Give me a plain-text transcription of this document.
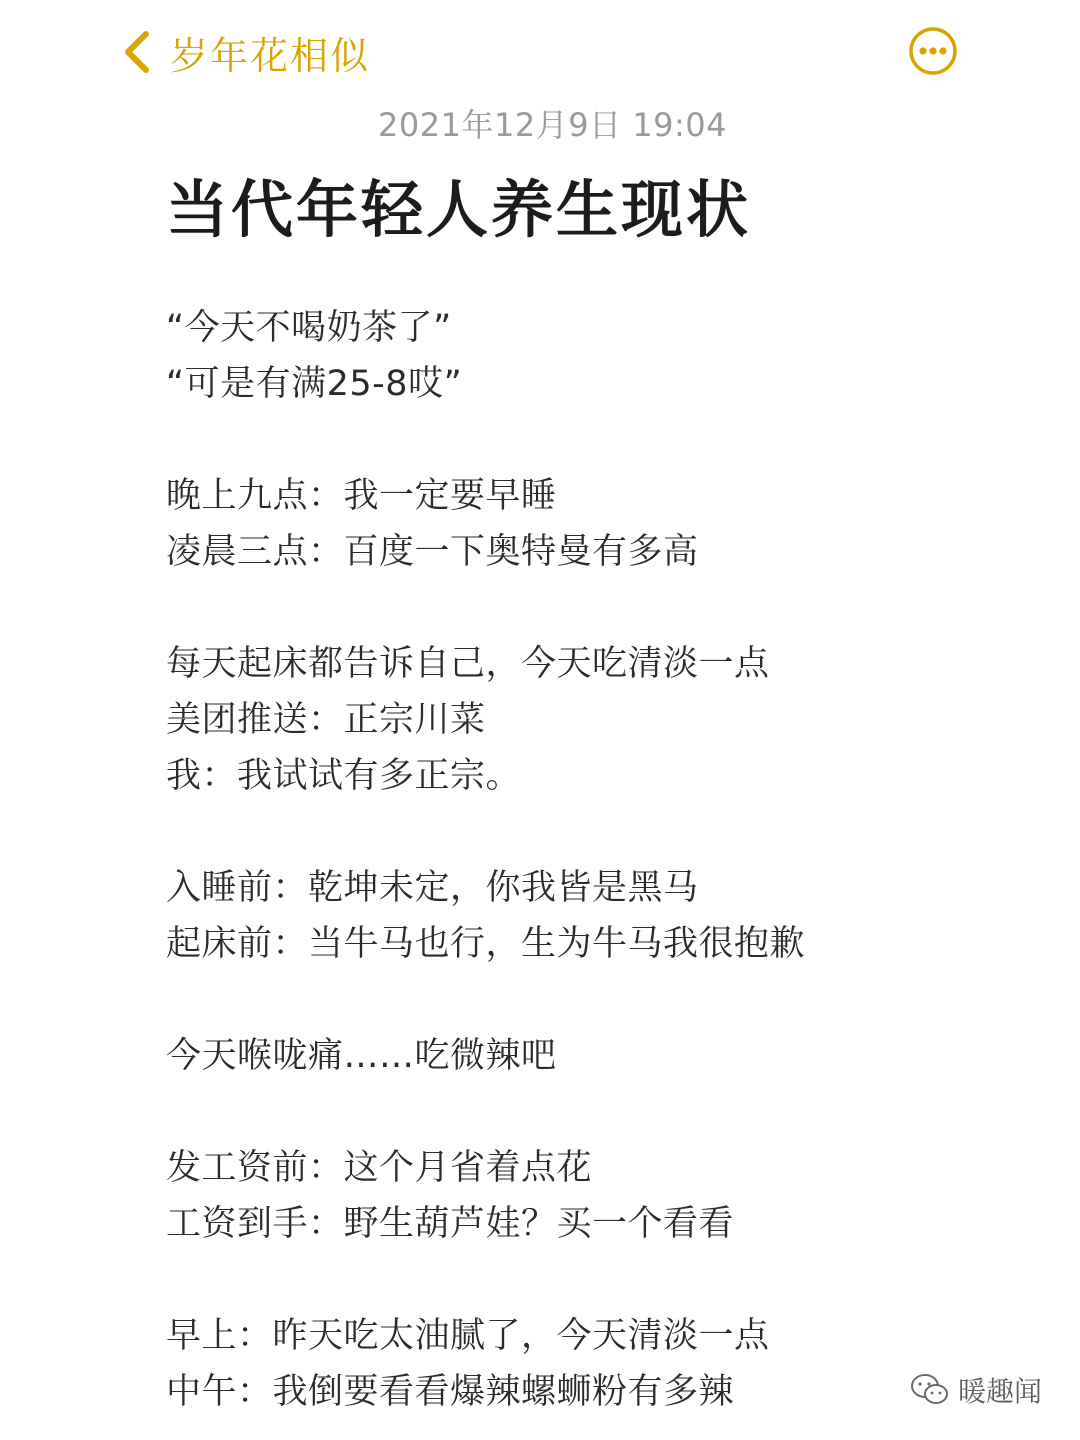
岁年花相似
2021年12月9日 19:04
当代年轻人养生现状
“今天不喝奶茶了”
“可是有满25-8哎”
晚上九点：我一定要早睡
凌晨三点：百度一下奥特曼有多高
每天起床都告诉自己，今天吃清淡一点
美团推送：正宗川菜
我：我试试有多正宗。
入睡前：乾坤未定，你我皆是黑马
起床前：当牛马也行，生为牛马我很抱歉
今天喉咙痛……吃微辣吧
发工资前：这个月省着点花
工资到手：野生葫芦娃？买一个看看
早上：昨天吃太油腻了，今天清淡一点
中午：我倒要看看爆辣螺蛳粉有多辣	暖趣闻
